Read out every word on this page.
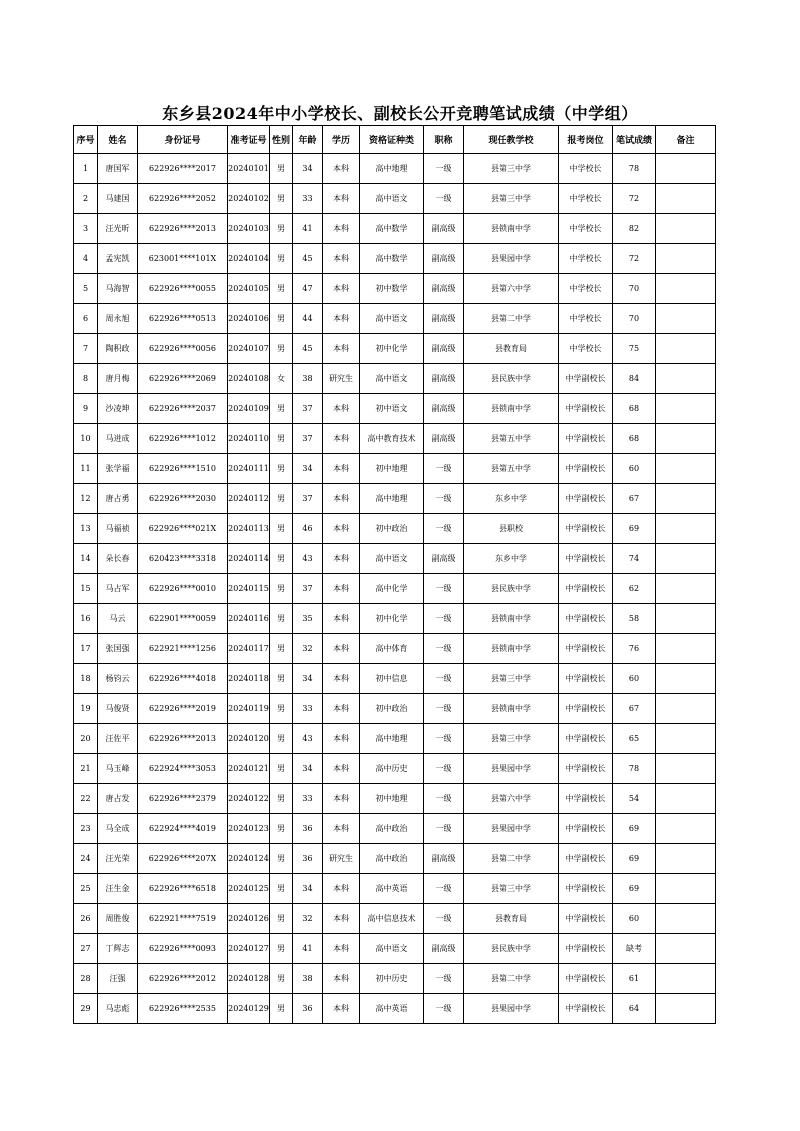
东乡县2024年中小学校长、副校长公开竞聘笔试成绩（中学组）
序号	姓名	身份证号	准考证号	性别	年龄	学历	资格证种类	职称	现任教学校	报考岗位	笔试成绩	备注
1	唐国军	622926****2017	20240101	男	34	本科	高中地理	一级	县第三中学	中学校长	78	
2	马建国	622926****2052	20240102	男	33	本科	高中语文	一级	县第三中学	中学校长	72	
3	汪光昕	622926****2013	20240103	男	41	本科	高中数学	副高级	县锁南中学	中学校长	82	
4	孟宪凯	623001****101X	20240104	男	45	本科	高中数学	副高级	县果园中学	中学校长	72	
5	马海智	622926****0055	20240105	男	47	本科	初中数学	副高级	县第六中学	中学校长	70	
6	周永旭	622926****0513	20240106	男	44	本科	高中语文	副高级	县第二中学	中学校长	70	
7	陶积政	622926****0056	20240107	男	45	本科	初中化学	副高级	县教育局	中学校长	75	
8	唐月梅	622926****2069	20240108	女	38	研究生	高中语文	副高级	县民族中学	中学副校长	84	
9	沙凌坤	622926****2037	20240109	男	37	本科	初中语文	副高级	县锁南中学	中学副校长	68	
10	马进成	622926****1012	20240110	男	37	本科	高中教育技术	副高级	县第五中学	中学副校长	68	
11	张学福	622926****1510	20240111	男	34	本科	初中地理	一级	县第五中学	中学副校长	60	
12	唐占勇	622926****2030	20240112	男	37	本科	高中地理	一级	东乡中学	中学副校长	67	
13	马福祯	622926****021X	20240113	男	46	本科	初中政治	一级	县职校	中学副校长	69	
14	朵长春	620423****3318	20240114	男	43	本科	高中语文	副高级	东乡中学	中学副校长	74	
15	马占军	622926****0010	20240115	男	37	本科	高中化学	一级	县民族中学	中学副校长	62	
16	马云	622901****0059	20240116	男	35	本科	初中化学	一级	县锁南中学	中学副校长	58	
17	张国强	622921****1256	20240117	男	32	本科	高中体育	一级	县锁南中学	中学副校长	76	
18	杨钧云	622926****4018	20240118	男	34	本科	初中信息	一级	县第三中学	中学副校长	60	
19	马俊贤	622926****2019	20240119	男	33	本科	初中政治	一级	县锁南中学	中学副校长	67	
20	汪佐平	622926****2013	20240120	男	43	本科	高中地理	一级	县第三中学	中学副校长	65	
21	马玉峰	622924****3053	20240121	男	34	本科	高中历史	一级	县果园中学	中学副校长	78	
22	唐占发	622926****2379	20240122	男	33	本科	初中地理	一级	县第六中学	中学副校长	54	
23	马全成	622924****4019	20240123	男	36	本科	高中政治	一级	县果园中学	中学副校长	69	
24	汪光荣	622926****207X	20240124	男	36	研究生	高中政治	副高级	县第二中学	中学副校长	69	
25	汪生金	622926****6518	20240125	男	34	本科	高中英语	一级	县第三中学	中学副校长	69	
26	周胜俊	622921****7519	20240126	男	32	本科	高中信息技术	一级	县教育局	中学副校长	60	
27	丁辉志	622926****0093	20240127	男	41	本科	高中语文	副高级	县民族中学	中学副校长	缺考	
28	汪强	622926****2012	20240128	男	38	本科	初中历史	一级	县第二中学	中学副校长	61	
29	马忠彪	622926****2535	20240129	男	36	本科	高中英语	一级	县果园中学	中学副校长	64	
